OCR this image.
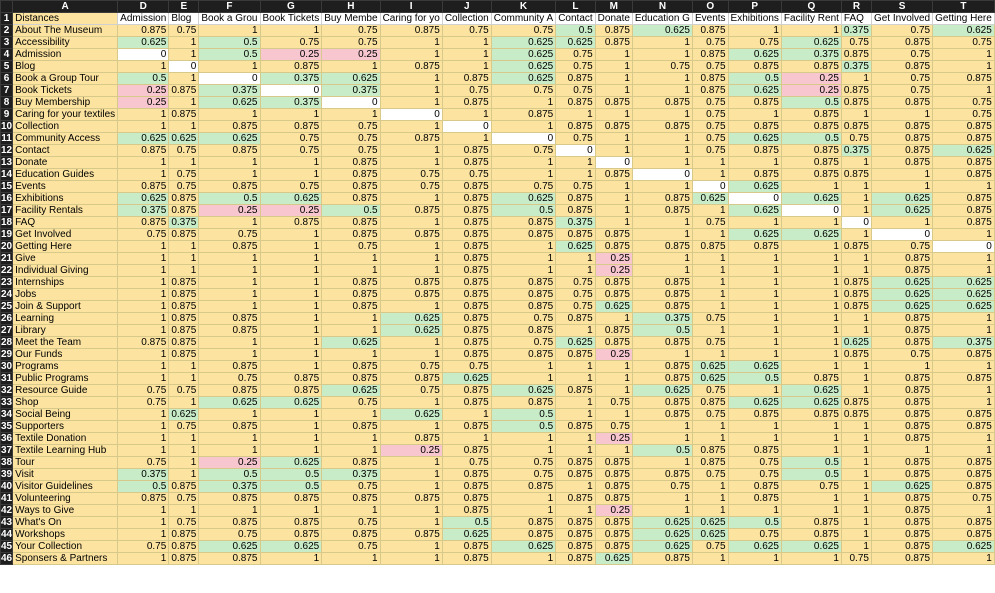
	A	D	E	F	G	H	I	J	K	L	M	N	O	P	Q	R	S	T
1	Distances	Admission	Blog	Book a Grou	Book Tickets	Buy Membe	Caring for yo	Collection	Community A	Contact	Donate	Education G	Events	Exhibitions	Facility Rent	FAQ	Get Involved	Getting Here
2	About The Museum	0.875	0.75	1	1	0.75	0.875	0.75	0.75	0.5	0.875	0.625	0.875	1	1	0.375	0.75	0.625
3	Accessibility	0.625	1	0.5	0.75	0.75	1	1	0.625	0.625	0.875	1	0.75	0.75	0.625	0.75	0.875	0.75
4	Admission	0	1	0.5	0.25	0.25	1	1	0.625	0.75	1	1	0.875	0.625	0.375	0.875	0.75	1
5	Blog	1	0	1	0.875	1	0.875	1	0.625	0.75	1	0.75	0.75	0.875	0.875	0.375	0.875	1
6	Book a Group Tour	0.5	1	0	0.375	0.625	1	0.875	0.625	0.875	1	1	0.875	0.5	0.25	1	0.75	0.875
7	Book Tickets	0.25	0.875	0.375	0	0.375	1	0.75	0.75	0.75	1	1	0.875	0.625	0.25	0.875	0.75	1
8	Buy Membership	0.25	1	0.625	0.375	0	1	0.875	1	0.875	0.875	0.875	0.75	0.875	0.5	0.875	0.875	0.75
9	Caring for your textiles	1	0.875	1	1	1	0	1	0.875	1	1	1	0.75	1	0.875	1	1	0.75
10	Collection	1	1	0.875	0.875	0.75	1	0	1	0.875	0.875	0.875	0.75	0.875	0.875	0.875	0.875	0.875
11	Community Access	0.625	0.625	0.625	0.75	0.75	0.875	1	0	0.75	1	1	0.75	0.625	0.5	0.75	0.875	0.875
12	Contact	0.875	0.75	0.875	0.75	0.75	1	0.875	0.75	0	1	1	0.75	0.875	0.875	0.375	0.875	0.625
13	Donate	1	1	1	1	0.875	1	0.875	1	1	0	1	1	1	0.875	1	0.875	0.875
14	Education Guides	1	0.75	1	1	0.875	0.75	0.75	1	1	0.875	0	1	0.875	0.875	0.875	1	0.875
15	Events	0.875	0.75	0.875	0.75	0.875	0.75	0.875	0.75	0.75	1	1	0	0.625	1	1	1	1
16	Exhibitions	0.625	0.875	0.5	0.625	0.875	1	0.875	0.625	0.875	1	0.875	0.625	0	0.625	1	0.625	0.875
17	Facility Rentals	0.375	0.875	0.25	0.25	0.5	0.875	0.875	0.5	0.875	1	0.875	1	0.625	0	1	0.625	0.875
18	FAQ	0.875	0.375	1	0.875	0.875	1	0.875	0.875	0.375	1	1	0.75	1	1	0	1	0.875
19	Get Involved	0.75	0.875	0.75	1	0.875	0.875	0.875	0.875	0.875	0.875	1	1	0.625	0.625	1	0	1
20	Getting Here	1	1	0.875	1	0.75	1	0.875	1	0.625	0.875	0.875	0.875	0.875	1	0.875	0.75	0
21	Give	1	1	1	1	1	1	0.875	1	1	0.25	1	1	1	1	1	0.875	1
22	Individual Giving	1	1	1	1	1	1	0.875	1	1	0.25	1	1	1	1	1	0.875	1
23	Internships	1	0.875	1	1	0.875	0.875	0.875	0.875	0.75	0.875	0.875	1	1	1	0.875	0.625	0.625
24	Jobs	1	0.875	1	1	0.875	0.875	0.875	0.875	0.75	0.875	0.875	1	1	1	0.875	0.625	0.625
25	Join & Support	1	0.875	1	1	0.875	1	0.875	0.875	0.75	0.625	0.875	1	1	1	0.875	0.625	0.625
26	Learning	1	0.875	0.875	1	1	0.625	0.875	0.75	0.875	1	0.375	0.75	1	1	1	0.875	1
27	Library	1	0.875	0.875	1	1	0.625	0.875	0.875	1	0.875	0.5	1	1	1	1	0.875	1
28	Meet the Team	0.875	0.875	1	1	0.625	1	0.875	0.75	0.625	0.875	0.875	0.75	1	1	0.625	0.875	0.375
29	Our Funds	1	0.875	1	1	1	1	0.875	0.875	0.875	0.25	1	1	1	1	0.875	0.75	0.875
30	Programs	1	1	0.875	1	0.875	0.75	0.75	1	1	1	0.875	0.625	0.625	1	1	1	1
31	Public Programs	1	1	0.75	0.875	0.875	0.875	0.625	1	1	1	0.875	0.625	0.5	0.875	1	0.875	0.875
32	Resource Guide	0.75	0.75	0.875	0.875	0.625	0.75	0.875	0.625	0.875	1	0.625	0.75	1	0.625	1	0.875	1
33	Shop	0.75	1	0.625	0.625	0.75	1	0.875	0.875	1	0.75	0.875	0.875	0.625	0.625	0.875	0.875	1
34	Social Being	1	0.625	1	1	1	0.625	1	0.5	1	1	0.875	0.75	0.875	0.875	0.875	0.875	0.875
35	Supporters	1	0.75	0.875	1	0.875	1	0.875	0.5	0.875	0.75	1	1	1	1	1	0.875	0.875
36	Textile Donation	1	1	1	1	1	0.875	1	1	1	0.25	1	1	1	1	1	0.875	1
37	Textile Learning Hub	1	1	1	1	1	0.25	0.875	1	1	1	0.5	0.875	0.875	1	1	1	1
38	Tour	0.75	1	0.25	0.625	0.875	1	0.75	0.75	0.875	0.875	1	0.875	0.75	0.5	1	0.875	0.875
39	Visit	0.375	1	0.5	0.5	0.375	1	0.875	0.75	0.875	0.875	0.875	0.75	0.75	0.5	1	0.875	0.875
40	Visitor Guidelines	0.5	0.875	0.375	0.5	0.75	1	0.875	0.875	1	0.875	0.75	1	0.875	0.75	1	0.625	0.875
41	Volunteering	0.875	0.75	0.875	0.875	0.875	0.875	0.875	1	0.875	0.875	1	1	0.875	1	1	0.875	0.75
42	Ways to Give	1	1	1	1	1	1	0.875	1	1	0.25	1	1	1	1	1	0.875	1
43	What's On	1	0.75	0.875	0.875	0.75	1	0.5	0.875	0.875	0.875	0.625	0.625	0.5	0.875	1	0.875	0.875
44	Workshops	1	0.875	0.75	0.875	0.875	0.875	0.625	0.875	0.875	0.875	0.625	0.625	0.75	0.875	1	0.875	0.875
45	Your Collection	0.75	0.875	0.625	0.625	0.75	1	0.875	0.625	0.875	0.875	0.625	0.75	0.625	0.625	1	0.875	0.625
46	Sponsers & Partners	1	0.875	0.875	1	1	1	0.875	1	0.875	0.625	0.875	1	1	1	0.75	0.875	1
